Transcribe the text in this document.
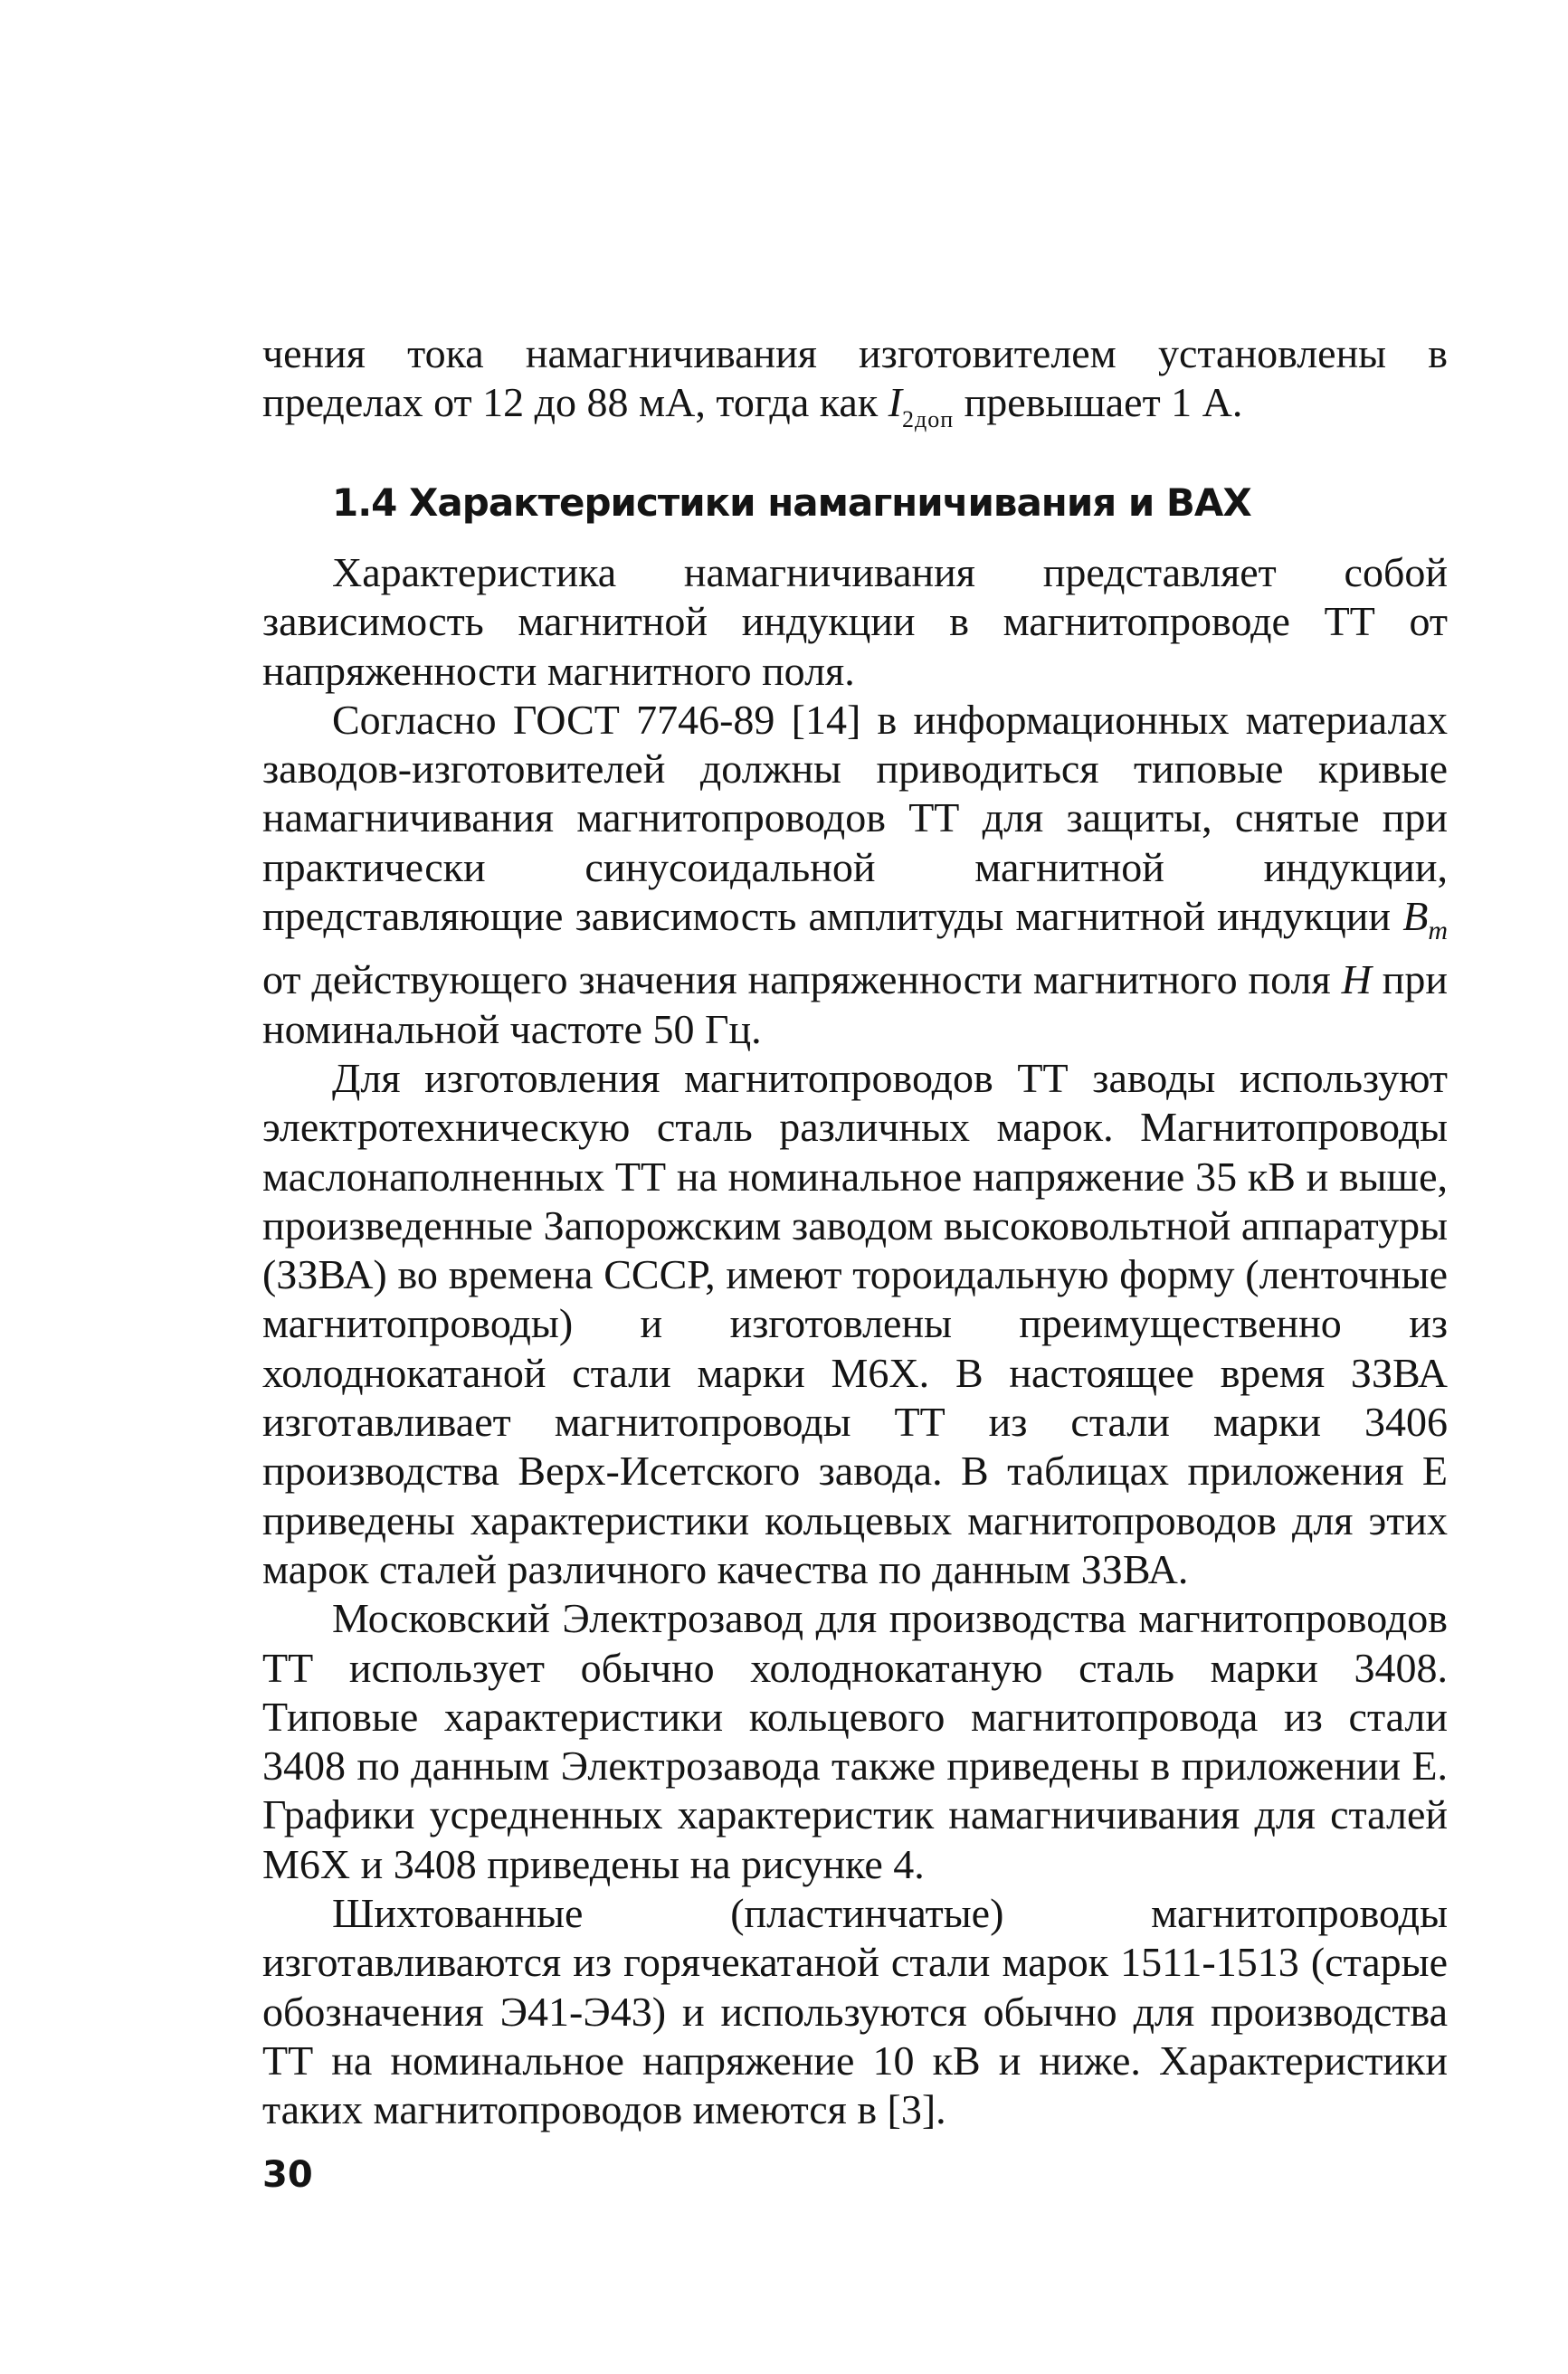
чения тока намагничивания изготовителем установлены в пределах от 12 до 88 мА, тогда как $I_{2доп}$ превышает 1 А.

1.4 Характеристики намагничивания и ВАХ

Характеристика намагничивания представляет собой зависимость магнитной индукции в магнитопроводе ТТ от напряженности магнитного поля.

Согласно ГОСТ 7746-89 [14] в информационных материалах заводов-изготовителей должны приводиться типовые кривые намагничивания магнитопроводов ТТ для защиты, снятые при практически синусоидальной магнитной индукции, представляющие зависимость амплитуды магнитной индукции $B_m$ от действующего значения напряженности магнитного поля H при номинальной частоте 50 Гц.

Для изготовления магнитопроводов ТТ заводы используют электротехническую сталь различных марок. Магнитопроводы маслонаполненных ТТ на номинальное напряжение 35 кВ и выше, произведенные Запорожским заводом высоковольтной аппаратуры (ЗЗВА) во времена СССР, имеют тороидальную форму (ленточные магнитопроводы) и изготовлены преимущественно из холоднокатаной стали марки М6Х. В настоящее время ЗЗВА изготавливает магнитопроводы ТТ из стали марки 3406 производства Верх-Исетского завода. В таблицах приложения Е приведены характеристики кольцевых магнитопроводов для этих марок сталей различного качества по данным ЗЗВА.

Московский Электрозавод для производства магнитопроводов ТТ использует обычно холоднокатаную сталь марки 3408. Типовые характеристики кольцевого магнитопровода из стали 3408 по данным Электрозавода также приведены в приложении Е. Графики усредненных характеристик намагничивания для сталей М6Х и 3408 приведены на рисунке 4.

Шихтованные (пластинчатые) магнитопроводы изготавливаются из горячекатаной стали марок 1511-1513 (старые обозначения Э41-Э43) и используются обычно для производства ТТ на номинальное напряжение 10 кВ и ниже. Характеристики таких магнитопроводов имеются в [3].

30
